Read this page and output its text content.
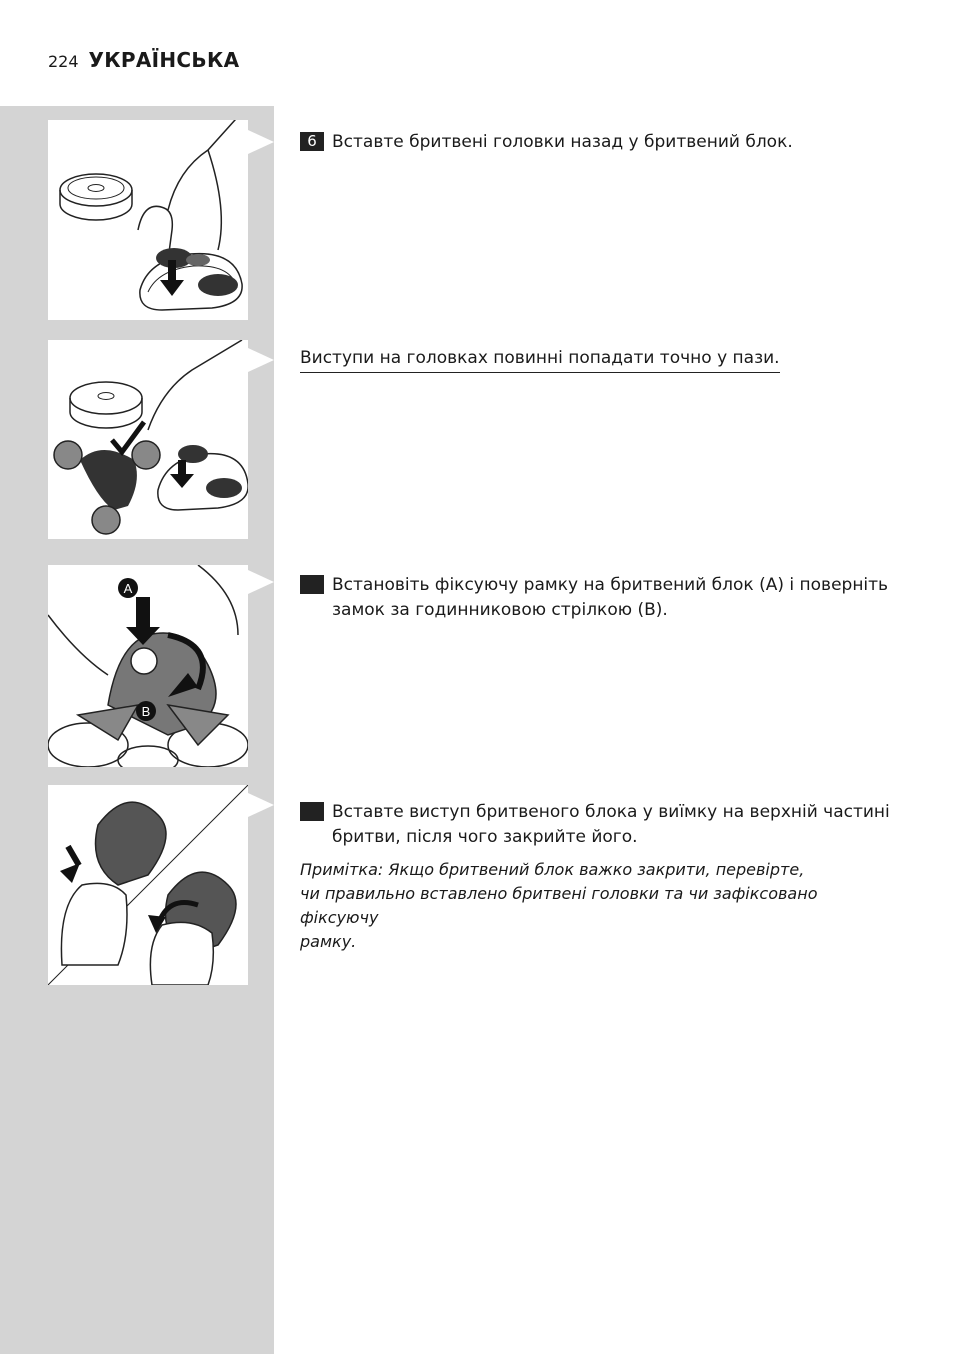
224 УКРАЇНСЬКА
A
B
6 Вставте бритвені головки назад у бритвений блок.
Виступи на головках повинні попадати точно у пази.
7 Встановіть фіксуючу рамку на бритвений блок (A) і поверніть замок за годинниковою стрілкою (B).
8 Вставте виступ бритвеного блока у виїмку на верхній частині бритви, після чого закрийте його.

Примітка: Якщо бритвений блок важко закрити, перевірте,

чи правильно вставлено бритвені головки та чи зафіксовано фіксуючу

рамку.
